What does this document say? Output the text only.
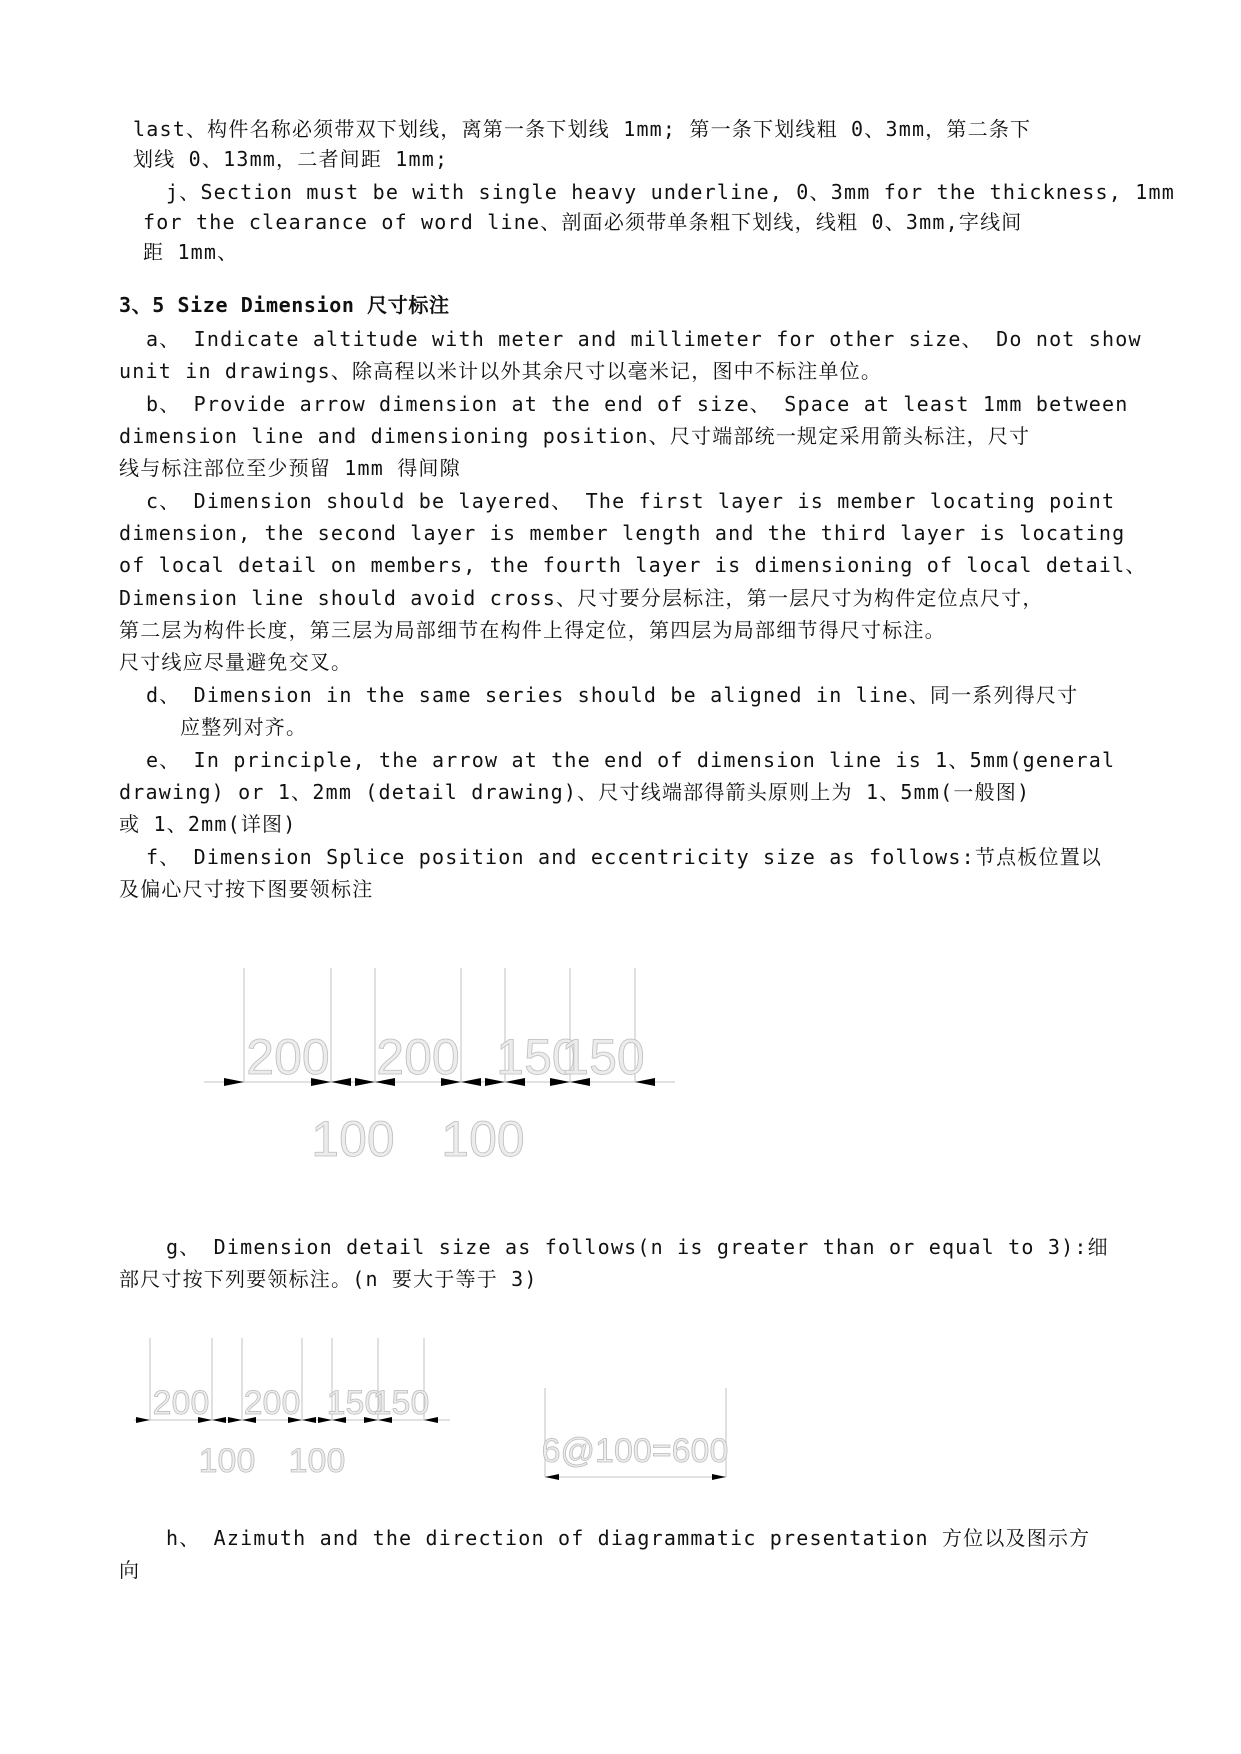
last、构件名称必须带双下划线，离第一条下划线 1mm; 第一条下划线粗 0、3mm，第二条下
划线 0、13mm，二者间距 1mm;
j、Section must be with single heavy underline, 0、3mm for the thickness, 1mm
for the clearance of word line、剖面必须带单条粗下划线，线粗 0、3mm,字线间
距 1mm、
3、5 Size Dimension 尺寸标注
a、 Indicate altitude with meter and millimeter for other size、 Do not show
unit in drawings、除高程以米计以外其余尺寸以毫米记，图中不标注单位。
b、 Provide arrow dimension at the end of size、 Space at least 1mm between
dimension line and dimensioning position、尺寸端部统一规定采用箭头标注，尺寸
线与标注部位至少预留 1mm 得间隙
c、 Dimension should be layered、 The first layer is member locating point
dimension, the second layer is member length and the third layer is locating
of local detail on members, the fourth layer is dimensioning of local detail、
Dimension line should avoid cross、尺寸要分层标注，第一层尺寸为构件定位点尺寸，
第二层为构件长度，第三层为局部细节在构件上得定位，第四层为局部细节得尺寸标注。
尺寸线应尽量避免交叉。
d、 Dimension in the same series should be aligned in line、同一系列得尺寸
应整列对齐。
e、 In principle, the arrow at the end of dimension line is 1、5mm(general
drawing) or 1、2mm (detail drawing)、尺寸线端部得箭头原则上为 1、5mm(一般图)
或 1、2mm(详图)
f、 Dimension Splice position and eccentricity size as follows:节点板位置以
及偏心尺寸按下图要领标注
200 200 150
150
100 100
g、 Dimension detail size as follows(n is greater than or equal to 3):细
部尺寸按下列要领标注。(n 要大于等于 3)
200 200 150
150
100 100	6@100=600
h、 Azimuth and the direction of diagrammatic presentation 方位以及图示方
向
